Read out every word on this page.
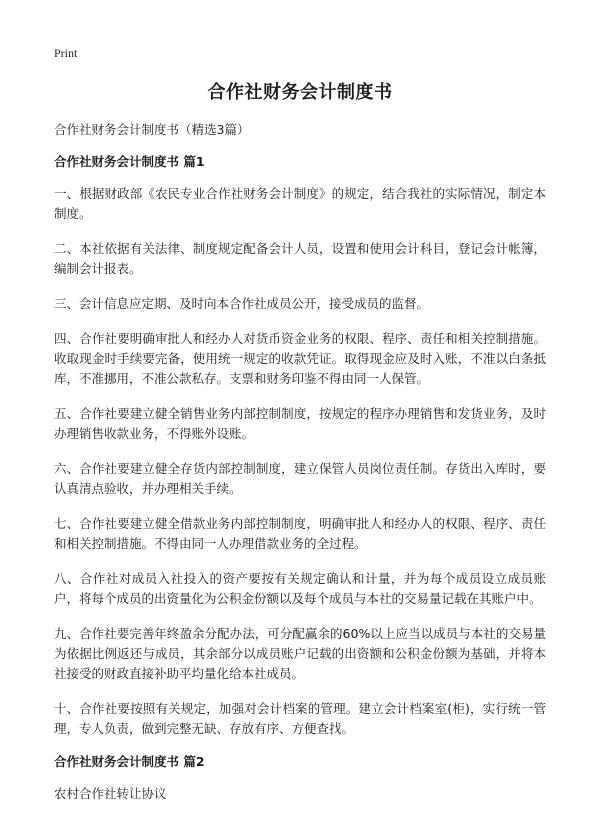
Print
合作社财务会计制度书
合作社财务会计制度书（精选3篇）
合作社财务会计制度书 篇1

一、根据财政部《农民专业合作社财务会计制度》的规定，结合我社的实际情况，制定本制度。

二、本社依据有关法律、制度规定配备会计人员，设置和使用会计科目，登记会计帐簿，编制会计报表。

三、会计信息应定期、及时向本合作社成员公开，接受成员的监督。

四、合作社要明确审批人和经办人对货币资金业务的权限、程序、责任和相关控制措施。收取现金时手续要完备，使用统一规定的收款凭证。取得现金应及时入账，不准以白条抵库，不准挪用，不准公款私存。支票和财务印鉴不得由同一人保管。

五、合作社要建立健全销售业务内部控制制度，按规定的程序办理销售和发货业务，及时办理销售收款业务，不得账外设账。

六、合作社要建立健全存货内部控制制度，建立保管人员岗位责任制。存货出入库时，要认真清点验收，并办理相关手续。

七、合作社要建立健全借款业务内部控制制度，明确审批人和经办人的权限、程序、责任和相关控制措施。不得由同一人办理借款业务的全过程。

八、合作社对成员入社投入的资产要按有关规定确认和计量，并为每个成员设立成员账户，将每个成员的出资量化为公积金份额以及每个成员与本社的交易量记载在其账户中。

九、合作社要完善年终盈余分配办法，可分配赢余的60%以上应当以成员与本社的交易量为依据比例返还与成员，其余部分以成员账户记载的出资额和公积金份额为基础，并将本社接受的财政直接补助平均量化给本社成员。

十、合作社要按照有关规定，加强对会计档案的管理。建立会计档案室(柜)，实行统一管理，专人负责，做到完整无缺、存放有序、方便查找。

合作社财务会计制度书 篇2

农村合作社转让协议
